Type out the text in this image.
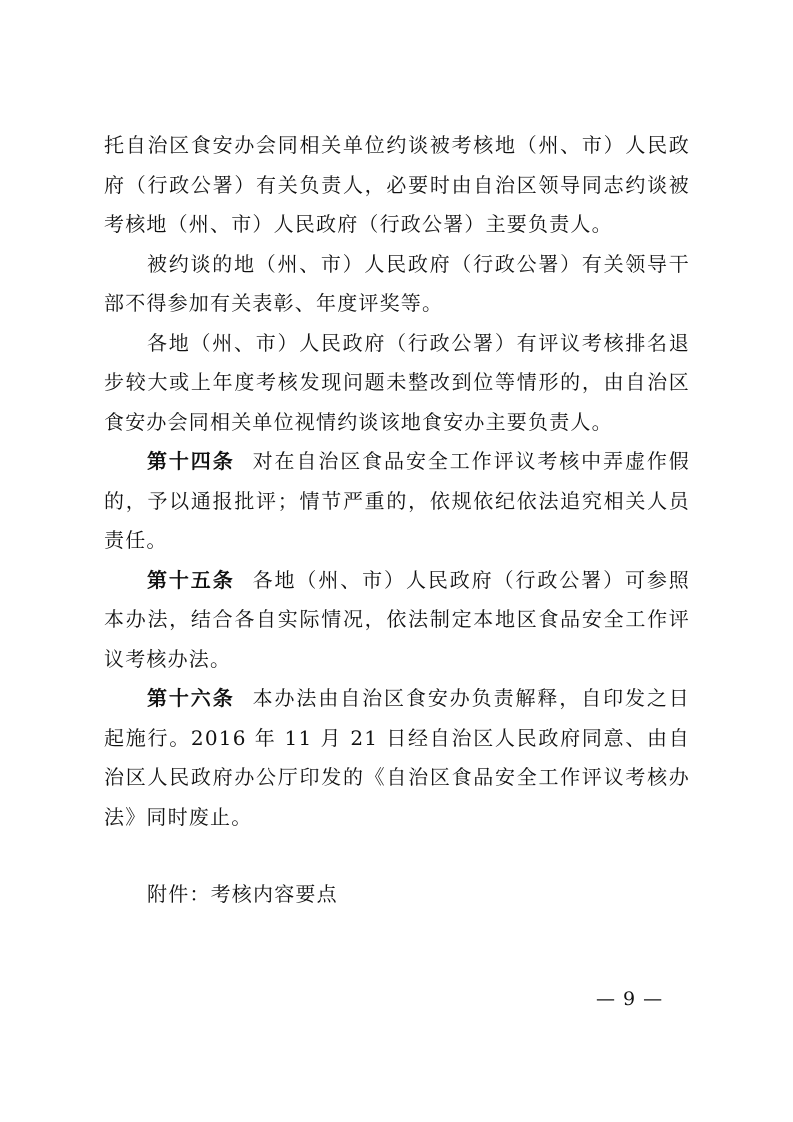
托自治区食安办会同相关单位约谈被考核地（州、市）人民政府（行政公署）有关负责人，必要时由自治区领导同志约谈被考核地（州、市）人民政府（行政公署）主要负责人。

被约谈的地（州、市）人民政府（行政公署）有关领导干部不得参加有关表彰、年度评奖等。

各地（州、市）人民政府（行政公署）有评议考核排名退步较大或上年度考核发现问题未整改到位等情形的，由自治区食安办会同相关单位视情约谈该地食安办主要负责人。

第十四条 对在自治区食品安全工作评议考核中弄虚作假的，予以通报批评；情节严重的，依规依纪依法追究相关人员责任。

第十五条 各地（州、市）人民政府（行政公署）可参照本办法，结合各自实际情况，依法制定本地区食品安全工作评议考核办法。

第十六条 本办法由自治区食安办负责解释，自印发之日起施行。2016 年 11 月 21 日经自治区人民政府同意、由自治区人民政府办公厅印发的《自治区食品安全工作评议考核办法》同时废止。

附件：考核内容要点

— 9 —
